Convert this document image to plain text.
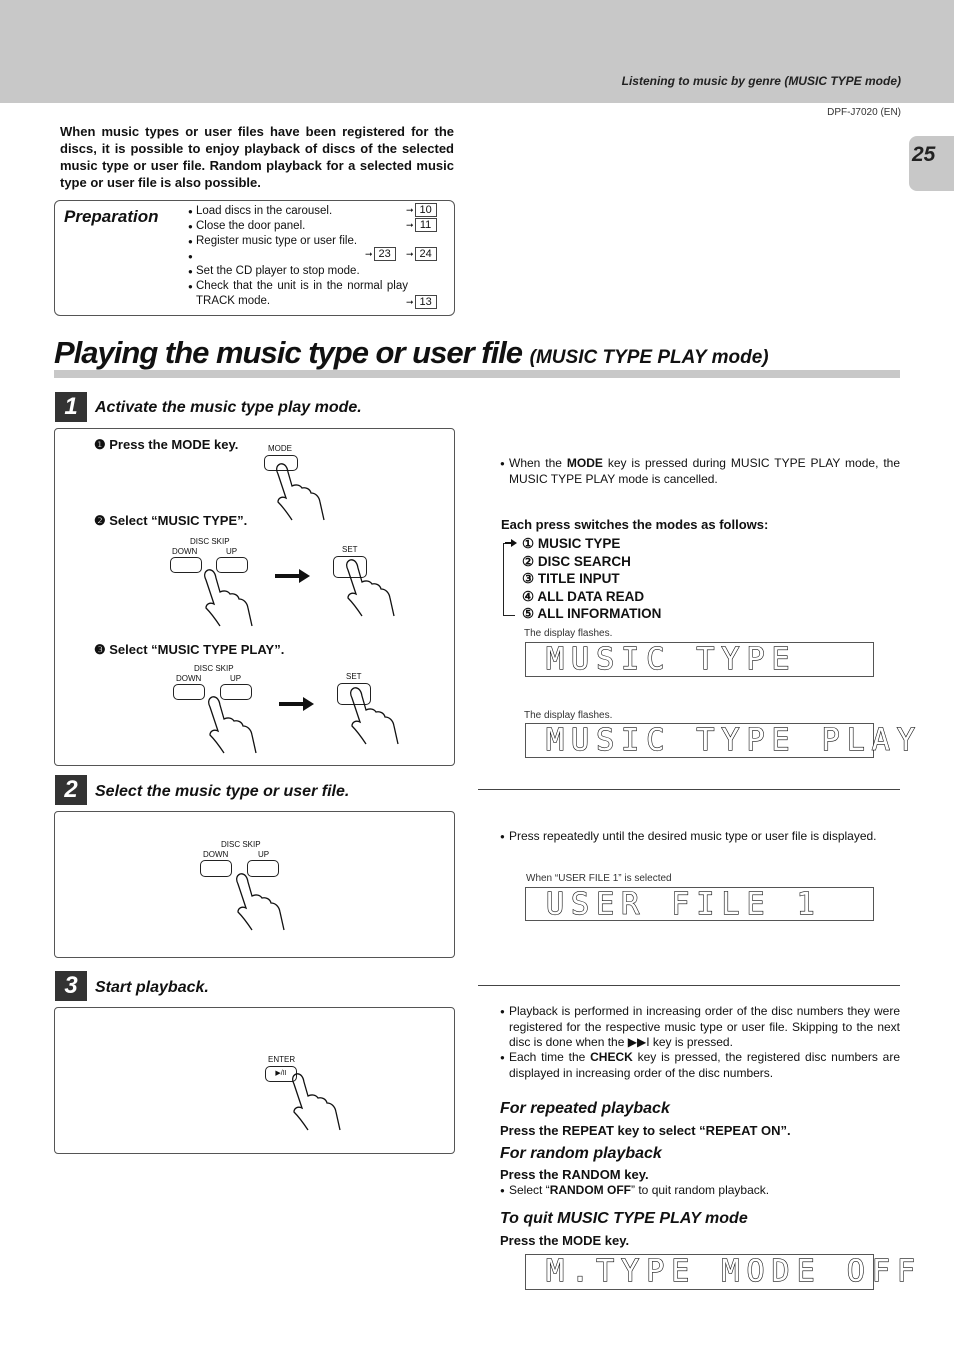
Listening to music by genre (MUSIC TYPE mode)
DPF-J7020 (EN)
25

When music types or user files have been registered for the discs, it is possible to enjoy playback of discs of the selected music type or user file. Random playback for a selected music type or user file is also possible.

Preparation
●	Load discs in the carousel.
● Close the door panel.
● Register music type or user file.
●
● Set the CD player to stop mode.
● Check that the unit is in the normal play TRACK mode.
➞ 10
➞ 11
➞ 23	➞ 24
➞ 13
Playing the music type or user file (MUSIC TYPE PLAY mode)
1	Activate the music type play mode.
❶ Press the MODE key.	MODE
❷ Select “MUSIC TYPE”.
DISC SKIP
DOWN	UP	SET
❸ Select “MUSIC TYPE PLAY”.
DISC SKIP
DOWN	UP	SET
● When the MODE key is pressed during MUSIC TYPE PLAY mode, the MUSIC TYPE PLAY mode is cancelled.
Each press switches the modes as follows:
① MUSIC TYPE
② DISC SEARCH
③ TITLE INPUT
④ ALL DATA READ
⑤ ALL INFORMATION
The display flashes.
MUSIC TYPE
The display flashes.
MUSIC TYPE PLAY
2	Select the music type or user file.
DISC SKIP
DOWN	UP
● Press repeatedly until the desired music type or user file is displayed.
When “USER FILE 1” is selected
USER FILE 1
3	Start playback.
ENTER
▶/II
● Playback is performed in increasing order of the disc numbers they were registered for the respective music type or user file. Skipping to the next disc is done when the ▶▶I key is pressed.
● Each time the CHECK key is pressed, the registered disc numbers are displayed in increasing order of the disc numbers.
For repeated playback
Press the REPEAT key to select “REPEAT ON”.
For random playback
Press the RANDOM key.
● Select “RANDOM OFF” to quit random playback.
To quit MUSIC TYPE PLAY mode
Press the MODE key.
M.TYPE MODE OFF
